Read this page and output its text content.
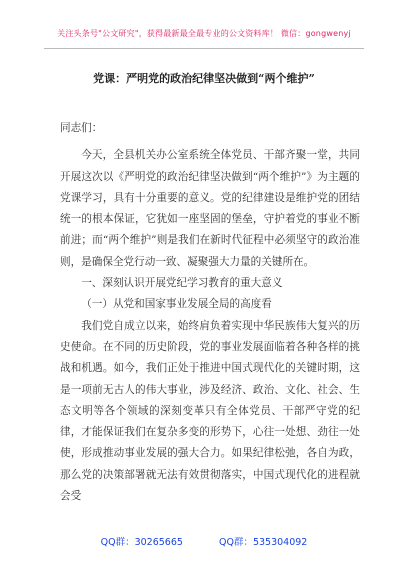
关注头条号"公文研究"，获得最新最全最专业的公文资料库！ 微信：gongwenyj
党课：严明党的政治纪律坚决做到“两个维护”

同志们：

今天，全县机关办公室系统全体党员、干部齐聚一堂，共同开展这次以《严明党的政治纪律坚决做到“两个维护”》为主题的党课学习，具有十分重要的意义。党的纪律建设是维护党的团结统一的根本保证，它犹如一座坚固的堡垒，守护着党的事业不断前进；而“两个维护”则是我们在新时代征程中必须坚守的政治准则，是确保全党行动一致、凝聚强大力量的关键所在。

一、深刻认识开展党纪学习教育的重大意义

（一）从党和国家事业发展全局的高度看

我们党自成立以来，始终肩负着实现中华民族伟大复兴的历史使命。在不同的历史阶段，党的事业发展面临着各种各样的挑战和机遇。如今，我们正处于推进中国式现代化的关键时期，这是一项前无古人的伟大事业，涉及经济、政治、文化、社会、生态文明等各个领域的深刻变革只有全体党员、干部严守党的纪律，才能保证我们在复杂多变的形势下，心往一处想、劲往一处使，形成推动事业发展的强大合力。如果纪律松弛，各自为政，那么党的决策部署就无法有效贯彻落实，中国式现代化的进程就会受

QQ群：30265665	QQ群：535304092
